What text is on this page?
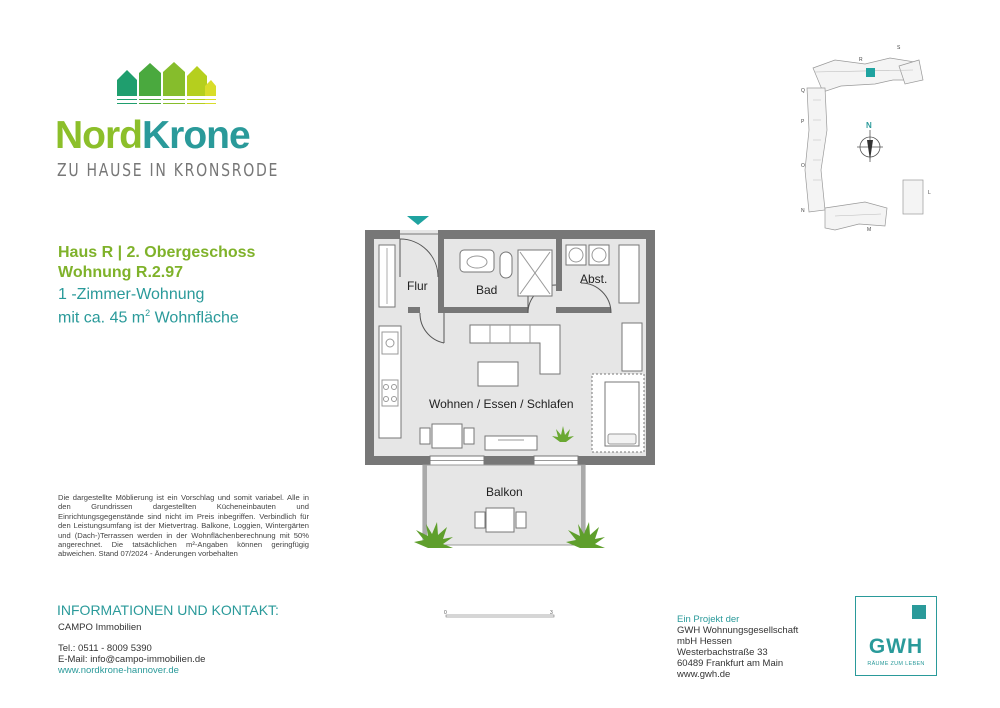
NordKrone
ZU HAUSE IN KRONSRODE
Haus R | 2. Obergeschoss
Wohnung R.2.97
1 -Zimmer-Wohnung
mit ca. 45 $m^2$ Wohnfläche
Flur	Bad
Abst.
Wohnen / Essen / Schlafen
Balkon
N
R
S
Q
P
O
N
M
L
Die dargestellte Möblierung ist ein Vorschlag und somit variabel. Alle in den Grundrissen dargestellten Kücheneinbauten und Einrichtungsgegenstände sind nicht im Preis inbegriffen. Verbindlich für den Leistungsumfang ist der Mietvertrag. Balkone, Loggien, Wintergärten und (Dach-)Terrassen werden in der Wohnflächenberechnung mit 50% angerechnet. Die tatsächlichen m²-Angaben können geringfügig abweichen. Stand 07/2024 - Änderungen vorbehalten
0	3
INFORMATIONEN UND KONTAKT:
CAMPO Immobilien
Tel.: 0511 - 8009 5390
E-Mail: info@campo-immobilien.de
www.nordkrone-hannover.de
Ein Projekt der
GWH Wohnungsgesellschaft
mbH Hessen
Westerbachstraße 33
60489 Frankfurt am Main
www.gwh.de
GWH
RÄUME ZUM LEBEN
